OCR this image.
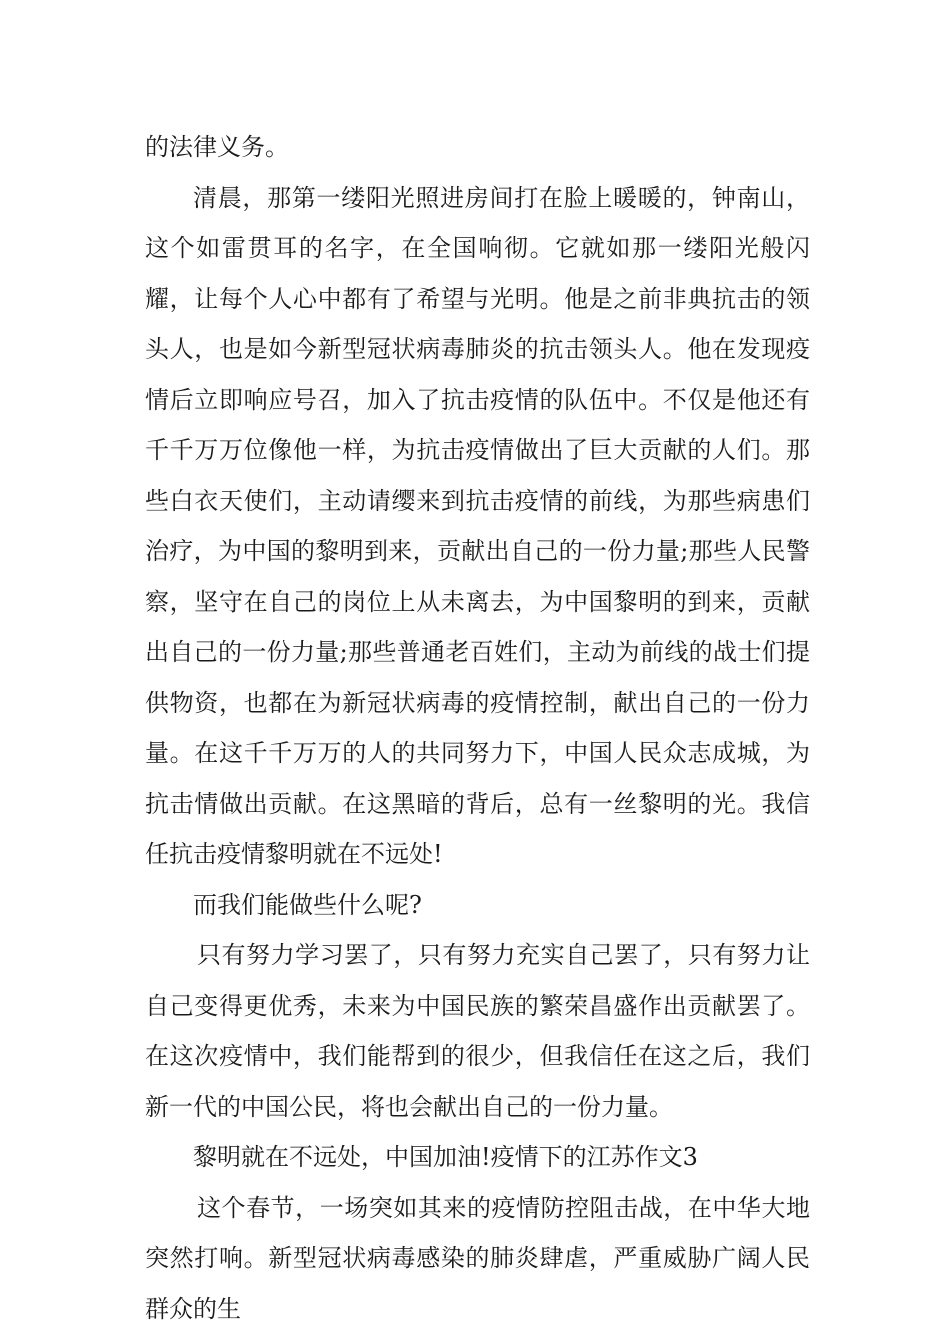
的法律义务。

清晨，那第一缕阳光照进房间打在脸上暖暖的，钟南山，这个如雷贯耳的名字，在全国响彻。它就如那一缕阳光般闪耀，让每个人心中都有了希望与光明。他是之前非典抗击的领头人，也是如今新型冠状病毒肺炎的抗击领头人。他在发现疫情后立即响应号召，加入了抗击疫情的队伍中。不仅是他还有千千万万位像他一样，为抗击疫情做出了巨大贡献的人们。那些白衣天使们，主动请缨来到抗击疫情的前线，为那些病患们治疗，为中国的黎明到来，贡献出自己的一份力量;那些人民警察，坚守在自己的岗位上从未离去，为中国黎明的到来，贡献出自己的一份力量;那些普通老百姓们，主动为前线的战士们提供物资，也都在为新冠状病毒的疫情控制，献出自己的一份力量。在这千千万万的人的共同努力下，中国人民众志成城，为抗击情做出贡献。在这黑暗的背后，总有一丝黎明的光。我信任抗击疫情黎明就在不远处!

而我们能做些什么呢?

只有努力学习罢了，只有努力充实自己罢了，只有努力让自己变得更优秀，未来为中国民族的繁荣昌盛作出贡献罢了。在这次疫情中，我们能帮到的很少，但我信任在这之后，我们新一代的中国公民，将也会献出自己的一份力量。

黎明就在不远处，中国加油!疫情下的江苏作文3

这个春节，一场突如其来的疫情防控阻击战，在中华大地突然打响。新型冠状病毒感染的肺炎肆虐，严重威胁广阔人民群众的生
